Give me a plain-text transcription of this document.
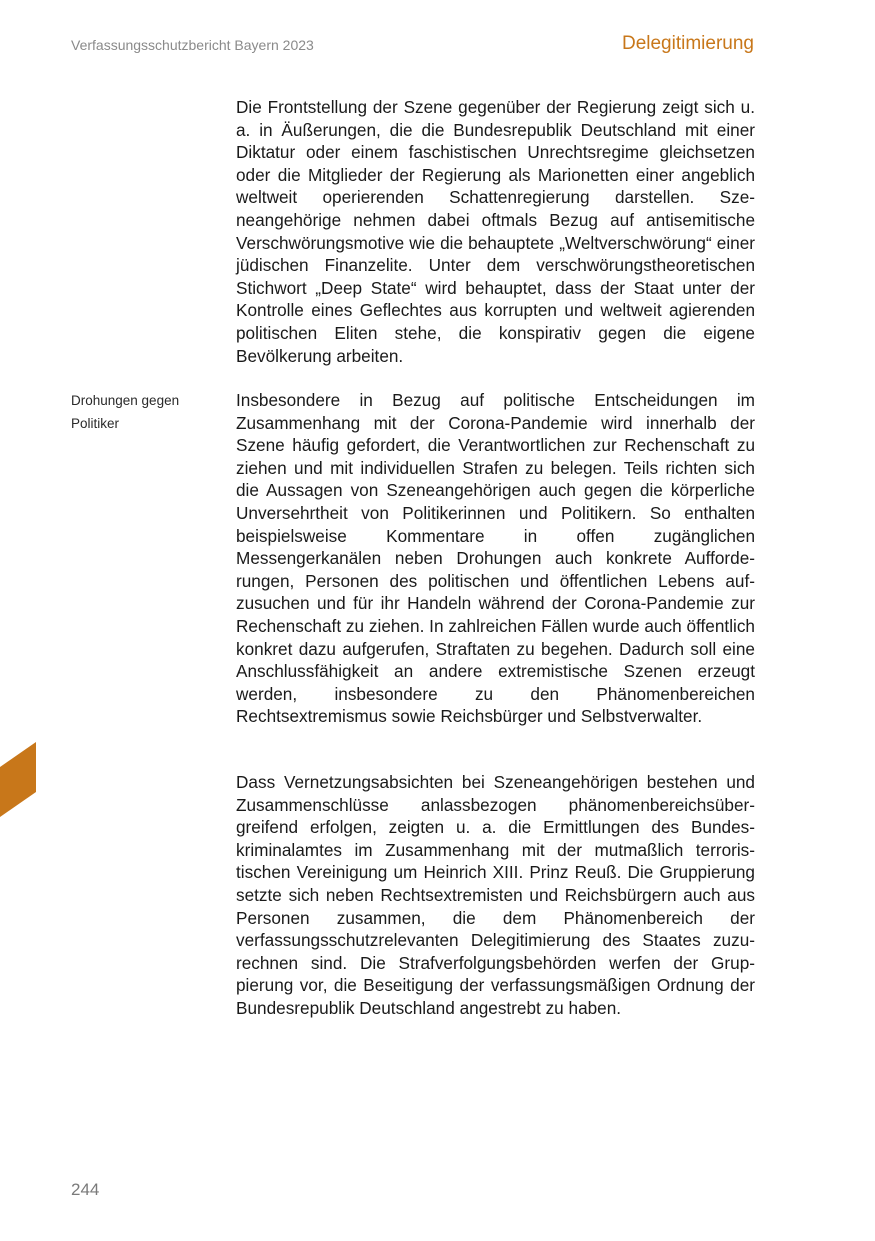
Verfassungsschutzbericht Bayern 2023	Delegitimierung

Die Frontstellung der Szene gegenüber der Regierung zeigt sich u. a. in Äußerungen, die die Bundesrepublik Deutschland mit einer Diktatur oder einem faschistischen Unrechtsregime gleichsetzen oder die Mitglieder der Regierung als Marionetten einer angeblich weltweit operierenden Schattenregierung darstellen. Szeneangehörige nehmen dabei oftmals Bezug auf antisemitische Verschwörungsmotive wie die behauptete „Weltverschwörung“ einer jüdischen Finanzelite. Unter dem verschwörungstheoretischen Stichwort „Deep State“ wird behauptet, dass der Staat unter der Kontrolle eines Geflechtes aus korrupten und weltweit agierenden politischen Eliten stehe, die konspirativ gegen die eigene Bevölkerung arbeiten.

Drohungen gegen
Politiker

Insbesondere in Bezug auf politische Entscheidungen im Zusammenhang mit der Corona-Pandemie wird innerhalb der Szene häufig gefordert, die Verantwortlichen zur Rechenschaft zu ziehen und mit individuellen Strafen zu belegen. Teils richten sich die Aussagen von Szeneangehörigen auch gegen die körperliche Unversehrtheit von Politikerinnen und Politikern. So enthalten beispielsweise Kommentare in offen zugänglichen Messengerkanälen neben Drohungen auch konkrete Aufforderungen, Personen des politischen und öffentlichen Lebens aufzusuchen und für ihr Handeln während der Corona-Pandemie zur Rechenschaft zu ziehen. In zahlreichen Fällen wurde auch öffentlich konkret dazu aufgerufen, Straftaten zu begehen. Dadurch soll eine Anschlussfähigkeit an andere extremistische Szenen erzeugt werden, insbesondere zu den Phänomenbereichen Rechtsextremismus sowie Reichsbürger und Selbstverwalter.

Dass Vernetzungsabsichten bei Szeneangehörigen bestehen und Zusammenschlüsse anlassbezogen phänomenbereichsübergreifend erfolgen, zeigten u. a. die Ermittlungen des Bundeskriminalamtes im Zusammenhang mit der mutmaßlich terroristischen Vereinigung um Heinrich XIII. Prinz Reuß. Die Gruppierung setzte sich neben Rechtsextremisten und Reichsbürgern auch aus Personen zusammen, die dem Phänomenbereich der verfassungsschutzrelevanten Delegitimierung des Staates zuzurechnen sind. Die Strafverfolgungsbehörden werfen der Gruppierung vor, die Beseitigung der verfassungsmäßigen Ordnung der Bundesrepublik Deutschland angestrebt zu haben.

244
